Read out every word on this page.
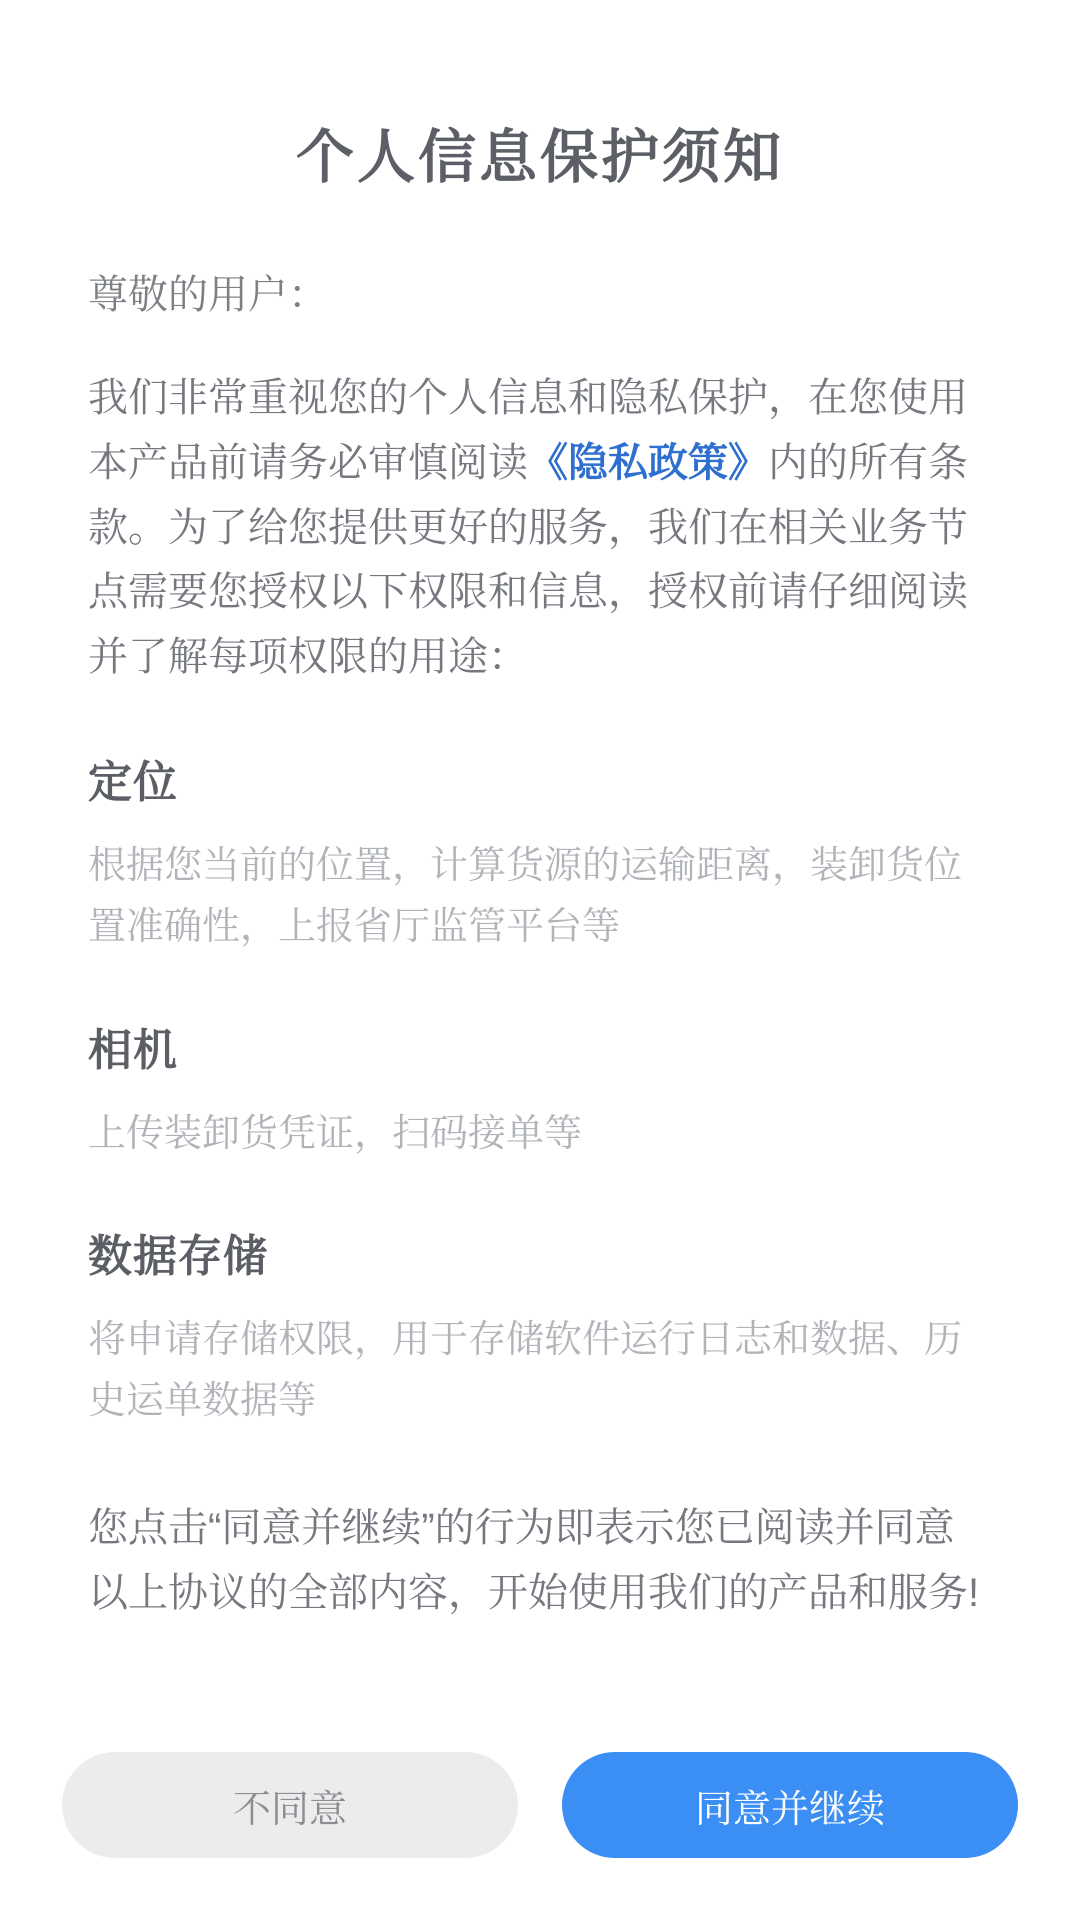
个人信息保护须知

尊敬的用户：

我们非常重视您的个人信息和隐私保护，在您使用本产品前请务必审慎阅读《隐私政策》内的所有条款。为了给您提供更好的服务，我们在相关业务节点需要您授权以下权限和信息，授权前请仔细阅读并了解每项权限的用途：

定位

根据您当前的位置，计算货源的运输距离，装卸货位置准确性，上报省厅监管平台等

相机

上传装卸货凭证，扫码接单等

数据存储

将申请存储权限，用于存储软件运行日志和数据、历史运单数据等

您点击“同意并继续”的行为即表示您已阅读并同意以上协议的全部内容，开始使用我们的产品和服务!

不同意	同意并继续
